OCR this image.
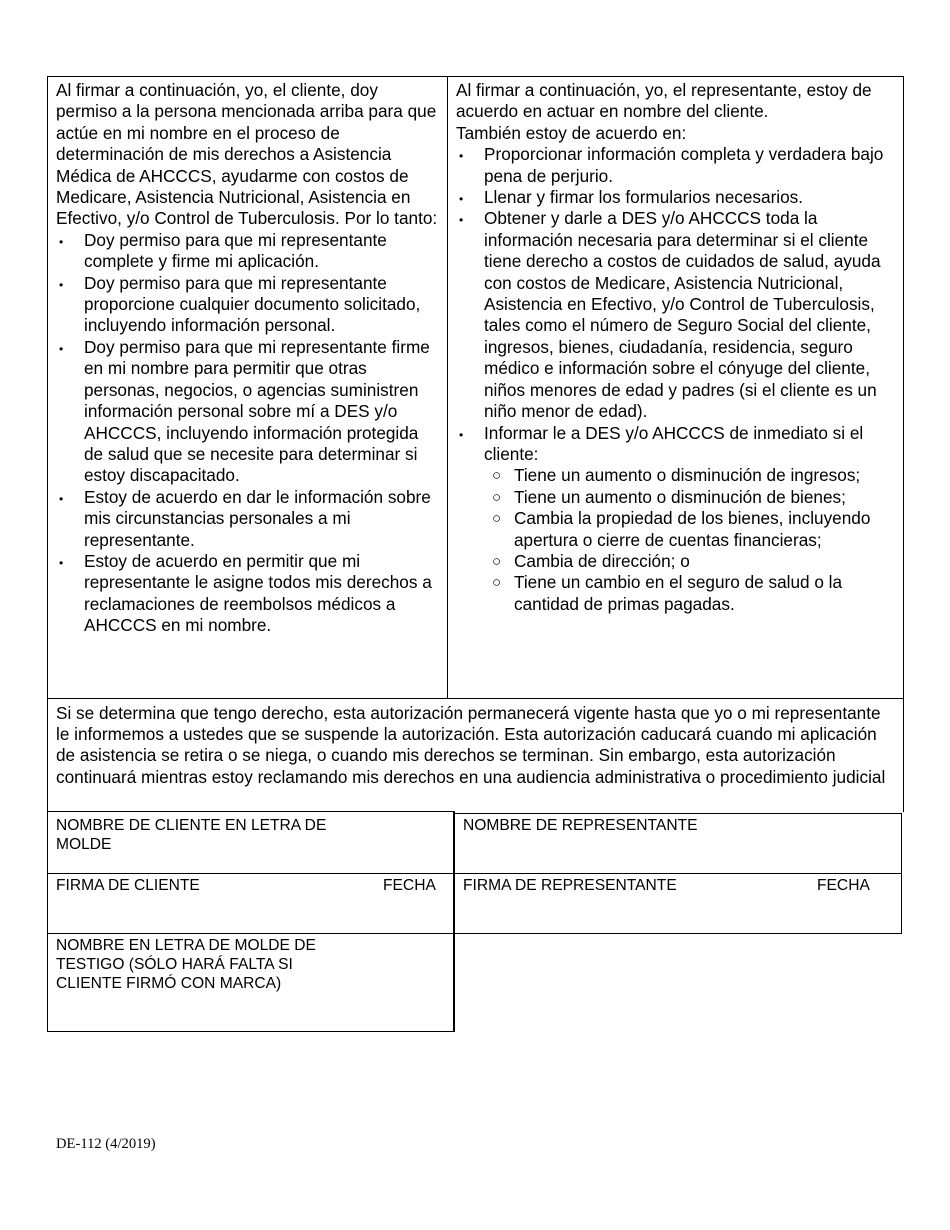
Al firmar a continuación, yo, el cliente, doy permiso a la persona mencionada arriba para que actúe en mi nombre en el proceso de determinación de mis derechos a Asistencia Médica de AHCCCS, ayudarme con costos de Medicare, Asistencia Nutricional, Asistencia en Efectivo, y/o Control de Tuberculosis. Por lo tanto:

• Doy permiso para que mi representante complete y firme mi aplicación.
• Doy permiso para que mi representante proporcione cualquier documento solicitado, incluyendo información personal.
• Doy permiso para que mi representante firme en mi nombre para permitir que otras personas, negocios, o agencias suministren información personal sobre mí a DES y/o AHCCCS, incluyendo información protegida de salud que se necesite para determinar si estoy discapacitado.
• Estoy de acuerdo en dar le información sobre mis circunstancias personales a mi representante.
• Estoy de acuerdo en permitir que mi representante le asigne todos mis derechos a reclamaciones de reembolsos médicos a AHCCCS en mi nombre.

Al firmar a continuación, yo, el representante, estoy de acuerdo en actuar en nombre del cliente.

También estoy de acuerdo en:

• Proporcionar información completa y verdadera bajo pena de perjurio.
• Llenar y firmar los formularios necesarios.
• Obtener y darle a DES y/o AHCCCS toda la información necesaria para determinar si el cliente tiene derecho a costos de cuidados de salud, ayuda con costos de Medicare, Asistencia Nutricional, Asistencia en Efectivo, y/o Control de Tuberculosis, tales como el número de Seguro Social del cliente, ingresos, bienes, ciudadanía, residencia, seguro médico e información sobre el cónyuge del cliente, niños menores de edad y padres (si el cliente es un niño menor de edad).
• Informar le a DES y/o AHCCCS de inmediato si el cliente:
○ Tiene un aumento o disminución de ingresos;
○ Tiene un aumento o disminución de bienes;
○ Cambia la propiedad de los bienes, incluyendo apertura o cierre de cuentas financieras;
○ Cambia de dirección; o
○ Tiene un cambio en el seguro de salud o la cantidad de primas pagadas.

Si se determina que tengo derecho, esta autorización permanecerá vigente hasta que yo o mi representante le informemos a ustedes que se suspende la autorización. Esta autorización caducará cuando mi aplicación de asistencia se retira o se niega, o cuando mis derechos se terminan. Sin embargo, esta autorización continuará mientras estoy reclamando mis derechos en una audiencia administrativa o procedimiento judicial

NOMBRE DE CLIENTE EN LETRA DE MOLDE
NOMBRE DE REPRESENTANTE
FIRMA DE CLIENTE	FECHA	FIRMA DE REPRESENTANTE	FECHA
NOMBRE EN LETRA DE MOLDE DE TESTIGO (SÓLO HARÁ FALTA SI CLIENTE FIRMÓ CON MARCA)
DE-112 (4/2019)
